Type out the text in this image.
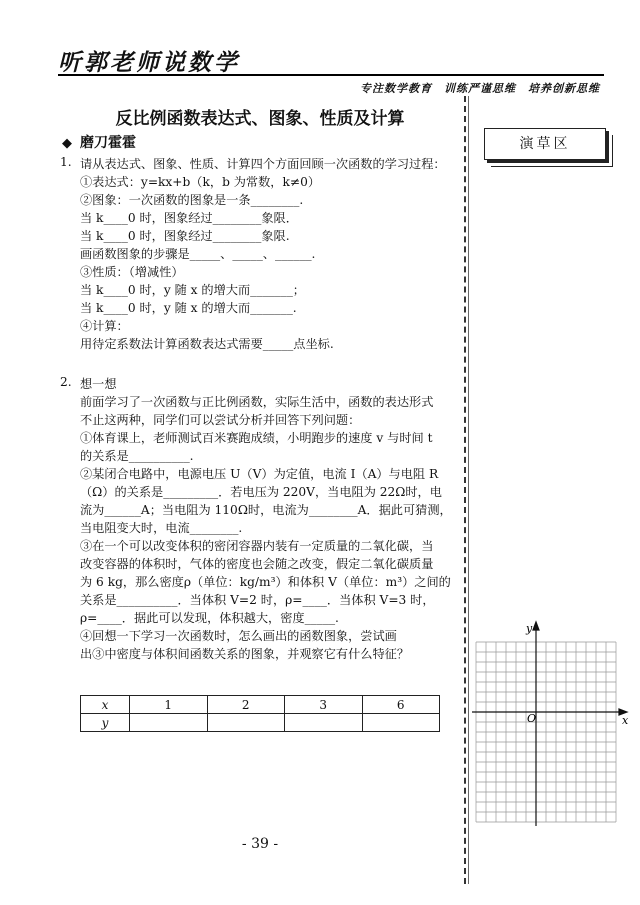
听郭老师说数学
专注数学教育　训练严谨思维　培养创新思维
反比例函数表达式、图象、性质及计算
◆ 磨刀霍霍
1. 请从表达式、图象、性质、计算四个方面回顾一次函数的学习过程：
①表达式：y=kx+b（k，b 为常数，k≠0）
②图象：一次函数的图象是一条________.
当 k____0 时，图象经过________象限．
当 k____0 时，图象经过________象限.
画函数图象的步骤是_____、_____、______.
③性质：（增减性）
当 k____0 时，y 随 x 的增大而_______；
当 k____0 时，y 随 x 的增大而_______.
④计算：
用待定系数法计算函数表达式需要_____点坐标.
2. 想一想
前面学习了一次函数与正比例函数，实际生活中，函数的表达形式
不止这两种，同学们可以尝试分析并回答下列问题：
①体育课上，老师测试百米赛跑成绩，小明跑步的速度 v 与时间 t
的关系是__________.
②某闭合电路中，电源电压 U（V）为定值，电流 I（A）与电阻 R
（Ω）的关系是_________．若电压为 220V，当电阻为 22Ω时，电
流为______A；当电阻为 110Ω时，电流为________A．据此可猜测，
当电阻变大时，电流________.
③在一个可以改变体积的密闭容器内装有一定质量的二氧化碳，当
改变容器的体积时，气体的密度也会随之改变，假定二氧化碳质量
为 6 kg，那么密度ρ（单位：kg/m³）和体积 V（单位：m³）之间的
关系是__________．当体积 V=2 时，ρ=____．当体积 V=3 时，
ρ=____．据此可以发现，体积越大，密度_____.
④回想一下学习一次函数时，怎么画出的函数图象，尝试画
出③中密度与体积间函数关系的图象，并观察它有什么特征？
x	1	2	3	6
y				
演草区
y
x
O
- 39 -
